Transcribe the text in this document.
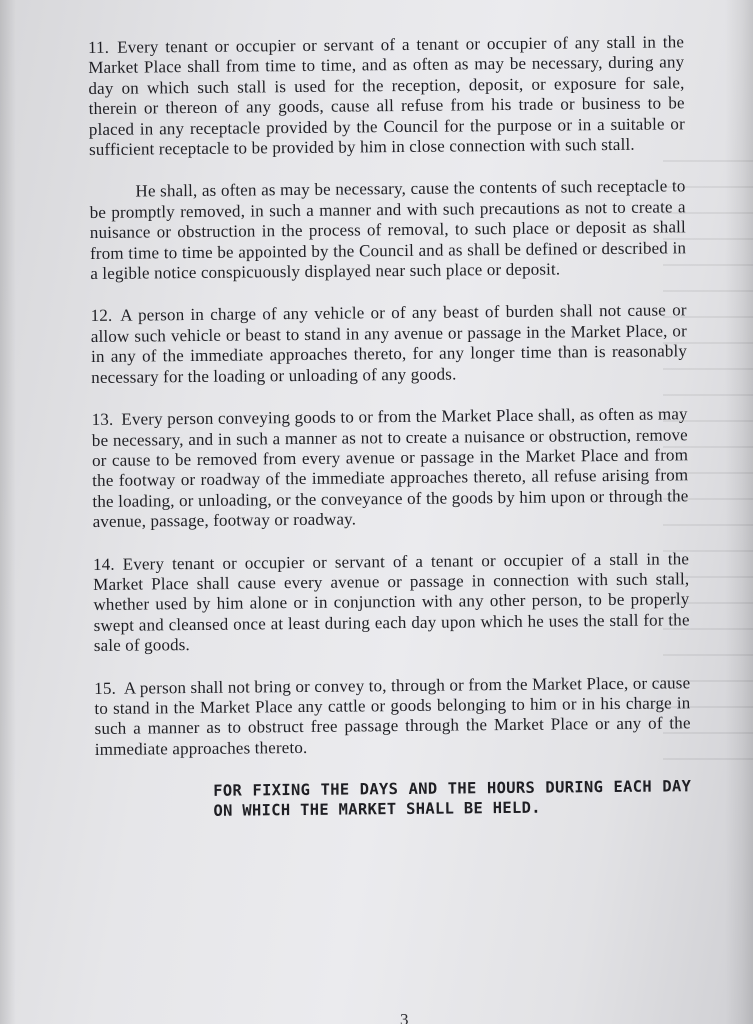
11. Every tenant or occupier or servant of a tenant or occupier of any stall in the Market Place shall from time to time, and as often as may be necessary, during any day on which such stall is used for the reception, deposit, or exposure for sale, therein or thereon of any goods, cause all refuse from his trade or business to be placed in any receptacle provided by the Council for the purpose or in a suitable or sufficient receptacle to be provided by him in close connection with such stall.

He shall, as often as may be necessary, cause the contents of such receptacle to be promptly removed, in such a manner and with such precautions as not to create a nuisance or obstruction in the process of removal, to such place or deposit as shall from time to time be appointed by the Council and as shall be defined or described in a legible notice conspicuously displayed near such place or deposit.

12. A person in charge of any vehicle or of any beast of burden shall not cause or allow such vehicle or beast to stand in any avenue or passage in the Market Place, or in any of the immediate approaches thereto, for any longer time than is reasonably necessary for the loading or unloading of any goods.

13. Every person conveying goods to or from the Market Place shall, as often as may be necessary, and in such a manner as not to create a nuisance or obstruction, remove or cause to be removed from every avenue or passage in the Market Place and from the footway or roadway of the immediate approaches thereto, all refuse arising from the loading, or unloading, or the conveyance of the goods by him upon or through the avenue, passage, footway or roadway.

14. Every tenant or occupier or servant of a tenant or occupier of a stall in the Market Place shall cause every avenue or passage in connection with such stall, whether used by him alone or in conjunction with any other person, to be properly swept and cleansed once at least during each day upon which he uses the stall for the sale of goods.

15. A person shall not bring or convey to, through or from the Market Place, or cause to stand in the Market Place any cattle or goods belonging to him or in his charge in such a manner as to obstruct free passage through the Market Place or any of the immediate approaches thereto.

FOR FIXING THE DAYS AND THE HOURS DURING EACH DAY ON WHICH THE MARKET SHALL BE HELD.
3
